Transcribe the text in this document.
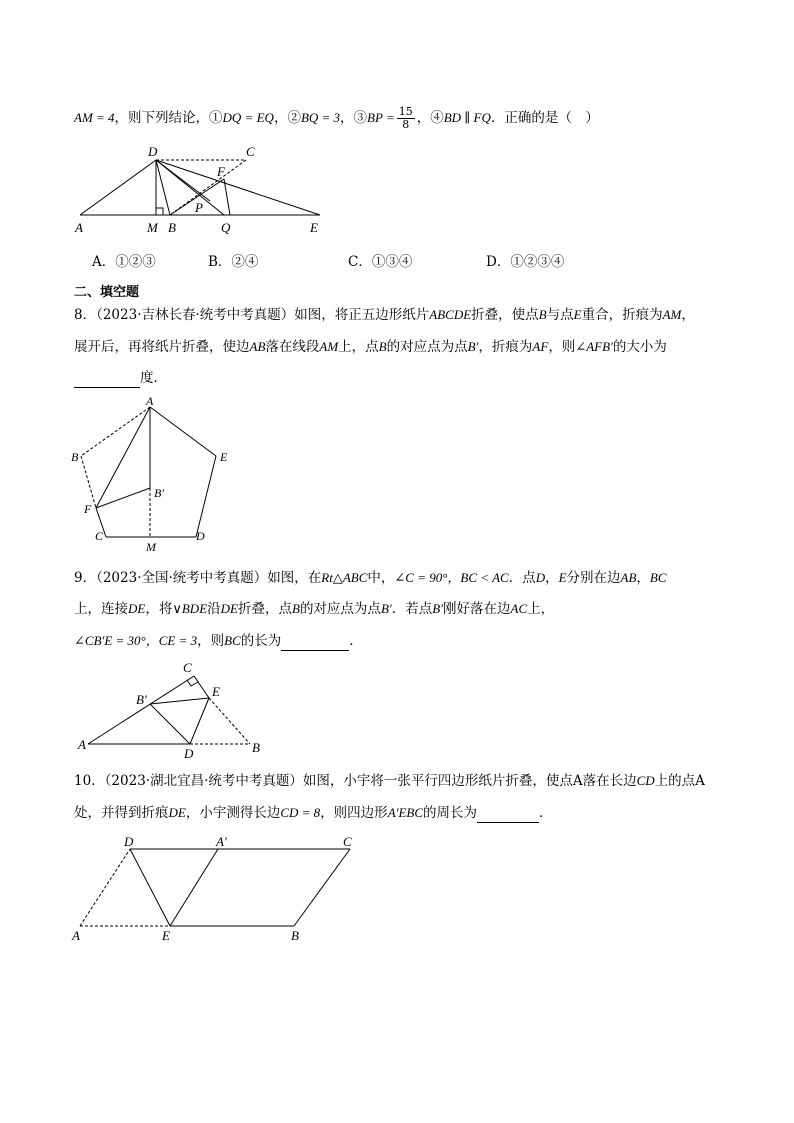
AM = 4，则下列结论，①DQ = EQ，②BQ = 3，③BP = $\frac{15}{8}$ ，④BD ∥ FQ．正确的是（　）
D	C
F
P
A	M B	Q	E
A．①②③	B．②④	C．①③④	D．①②③④
二、填空题
8．（2023·吉林长春·统考中考真题）如图，将正五边形纸片ABCDE折叠，使点B与点E重合，折痕为AM，
展开后，再将纸片折叠，使边AB落在线段AM上，点B的对应点为点B′，折痕为AF，则∠AFB′的大小为
度．
A
B	E
B′
F
C
M
D
9．（2023·全国·统考中考真题）如图，在Rt△ABC中，∠C = 90°，BC < AC．点D，E分别在边AB，BC
上，连接DE，将∨BDE沿DE折叠，点B的对应点为点B′．若点B′刚好落在边AC上，
∠CB′E = 30°，CE = 3，则BC的长为	．
C
B′
E
A
D	B
10．（2023·湖北宜昌·统考中考真题）如图，小宇将一张平行四边形纸片折叠，使点A落在长边CD上的点A
处，并得到折痕DE，小宇测得长边CD = 8，则四边形A′EBC的周长为	．
D	A′	C
A	E	B
